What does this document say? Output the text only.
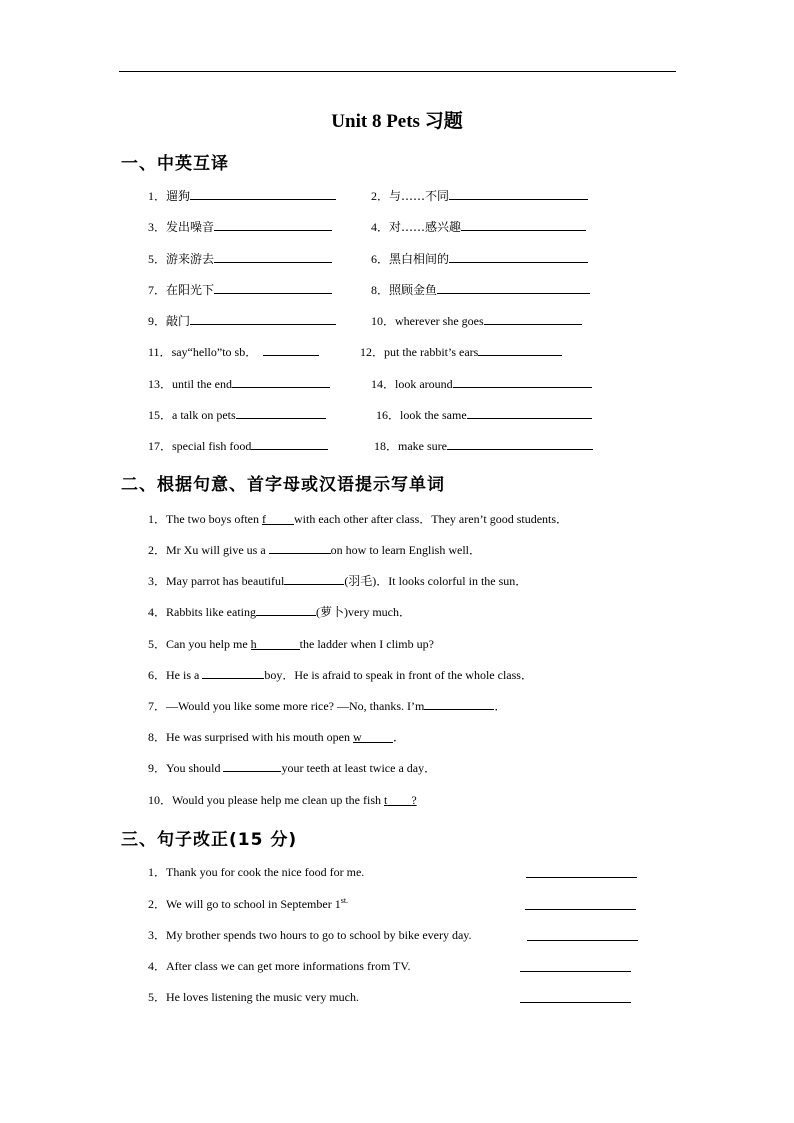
Unit 8 Pets 习题
一、中英互译
1．遛狗	2．与……不同
3．发出噪音	4．对……感兴趣
5．游来游去	6．黑白相间的
7．在阳光下	8．照顾金鱼
9．敲门	10．wherever she goes
11．say“hello”to sb．	12．put the rabbit’s ears
13．until the end	14．look around
15．a talk on pets	16．look the same
17．special fish food	18．make sure
二、根据句意、首字母或汉语提示写单词
1．The two boys often f with each other after class．They aren’t good students．
2．Mr Xu will give us a	on how to learn English well．
3．May parrot has beautiful	(羽毛)．It looks colorful in the sun．
4．Rabbits like eating	(萝卜)very much．
5．Can you help me h	the ladder when I climb up?
6．He is a	boy．He is afraid to speak in front of the whole class．
7．—Would you like some more rice? —No, thanks. I’m	．
8．He was surprised with his mouth open w	．
9．You should	your teeth at least twice a day．
10．Would you please help me clean up the fish t ?
三、句子改正(15 分)
1．Thank you for cook the nice food for me.
2．We will go to school in September $1^{st.}$
3．My brother spends two hours to go to school by bike every day.
4．After class we can get more informations from TV.
5．He loves listening the music very much.
